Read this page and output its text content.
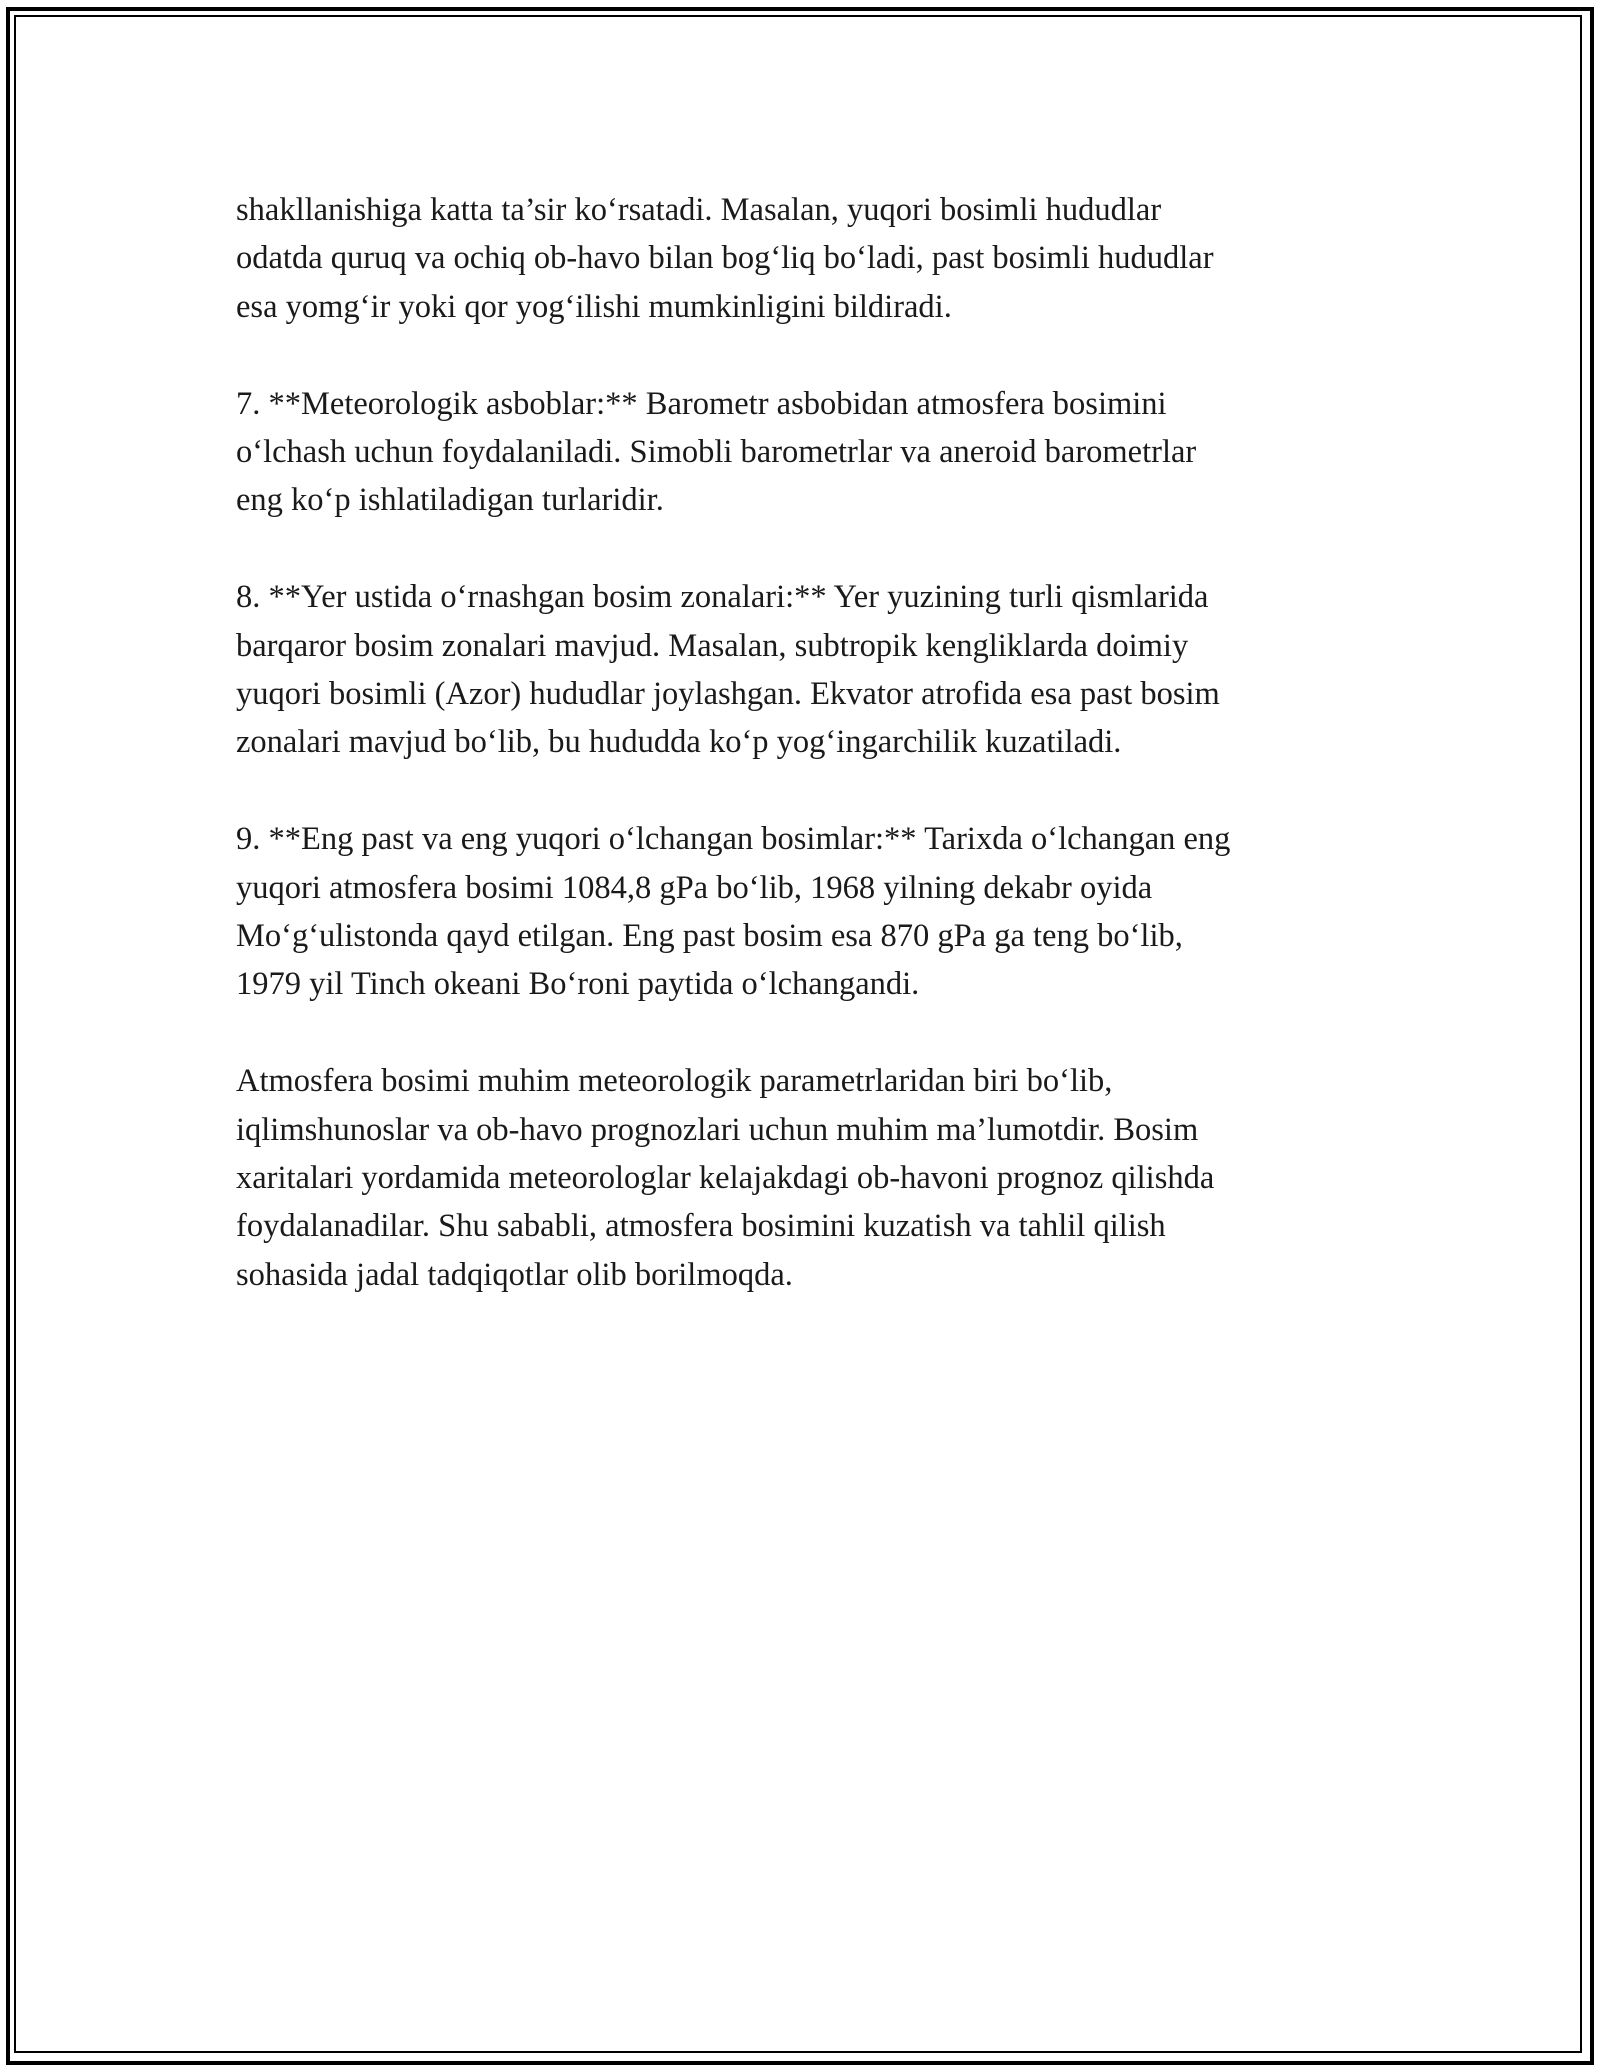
shakllanishiga katta ta’sir koʻrsatadi. Masalan, yuqori bosimli hududlar
odatda quruq va ochiq ob-havo bilan bogʻliq boʻladi, past bosimli hududlar
esa yomgʻir yoki qor yogʻilishi mumkinligini bildiradi.

7. **Meteorologik asboblar:** Barometr asbobidan atmosfera bosimini
oʻlchash uchun foydalaniladi. Simobli barometrlar va aneroid barometrlar
eng koʻp ishlatiladigan turlaridir.

8. **Yer ustida oʻrnashgan bosim zonalari:** Yer yuzining turli qismlarida
barqaror bosim zonalari mavjud. Masalan, subtropik kengliklarda doimiy
yuqori bosimli (Azor) hududlar joylashgan. Ekvator atrofida esa past bosim
zonalari mavjud boʻlib, bu hududda koʻp yogʻingarchilik kuzatiladi.

9. **Eng past va eng yuqori oʻlchangan bosimlar:** Tarixda oʻlchangan eng
yuqori atmosfera bosimi 1084,8 gPa boʻlib, 1968 yilning dekabr oyida
Moʻgʻulistonda qayd etilgan. Eng past bosim esa 870 gPa ga teng boʻlib,
1979 yil Tinch okeani Boʻroni paytida oʻlchangandi.

Atmosfera bosimi muhim meteorologik parametrlaridan biri boʻlib,
iqlimshunoslar va ob-havo prognozlari uchun muhim ma’lumotdir. Bosim
xaritalari yordamida meteorologlar kelajakdagi ob-havoni prognoz qilishda
foydalanadilar. Shu sababli, atmosfera bosimini kuzatish va tahlil qilish
sohasida jadal tadqiqotlar olib borilmoqda.
